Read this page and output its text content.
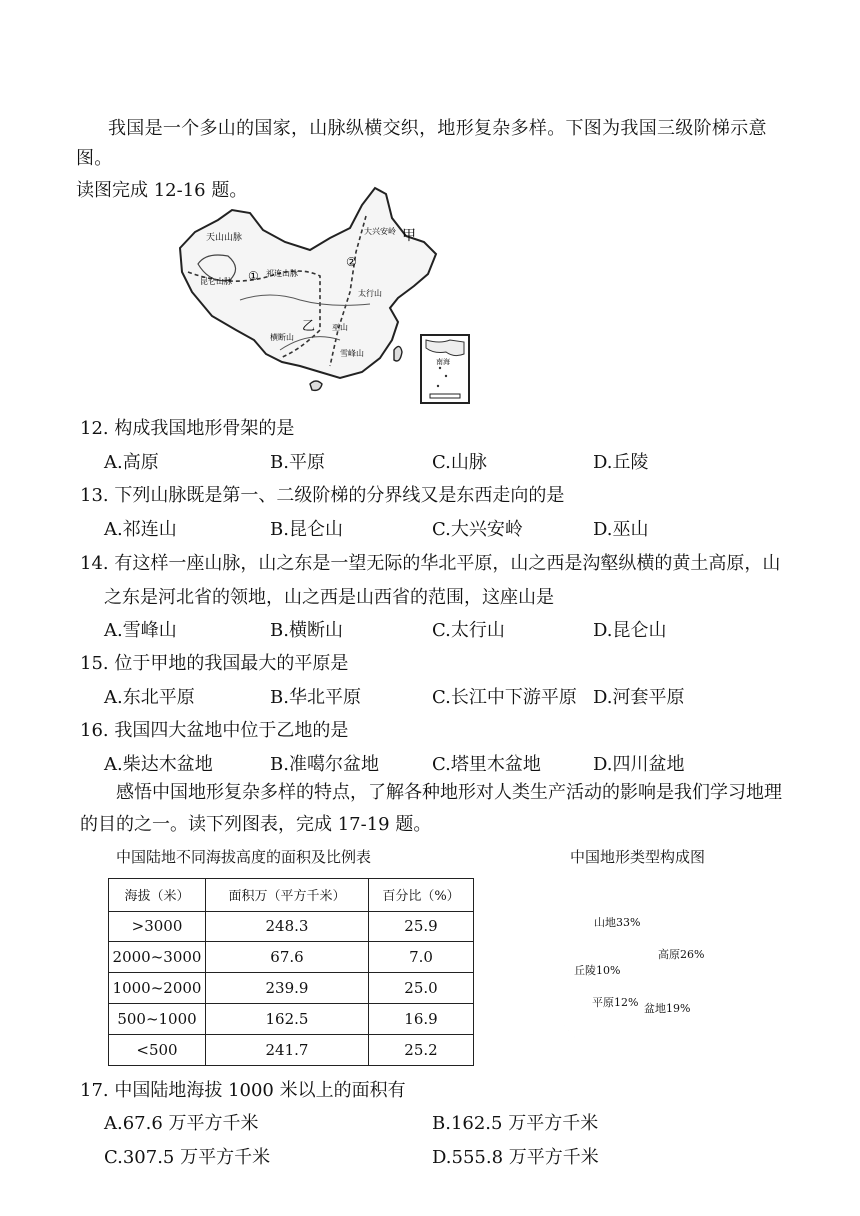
我国是一个多山的国家，山脉纵横交织，地形复杂多样。下图为我国三级阶梯示意图。
读图完成 12-16 题。
天山山脉
昆仑山脉
祁连山脉
大兴安岭
太行山
巫山
雪峰山
横断山
甲
乙
①
②
南海
12. 构成我国地形骨架的是
A.高原	B.平原	C.山脉	D.丘陵
13. 下列山脉既是第一、二级阶梯的分界线又是东西走向的是
A.祁连山	B.昆仑山	C.大兴安岭	D.巫山
14. 有这样一座山脉，山之东是一望无际的华北平原，山之西是沟壑纵横的黄土高原，山
之东是河北省的领地，山之西是山西省的范围，这座山是
A.雪峰山	B.横断山	C.太行山	D.昆仑山
15. 位于甲地的我国最大的平原是
A.东北平原	B.华北平原	C.长江中下游平原 D.河套平原
16. 我国四大盆地中位于乙地的是
A.柴达木盆地	B.准噶尔盆地	C.塔里木盆地	D.四川盆地
感悟中国地形复杂多样的特点，了解各种地形对人类生产活动的影响是我们学习地理
的目的之一。读下列图表，完成 17-19 题。
中国陆地不同海拔高度的面积及比例表
海拔（米）	面积万（平方千米）	百分比（%）
>3000	248.3	25.9
2000~3000	67.6	7.0
1000~2000	239.9	25.0
500~1000	162.5	16.9
<500	241.7	25.2
中国地形类型构成图
山地33%
高原26%
盆地19%
平原12%
丘陵10%
17. 中国陆地海拔 1000 米以上的面积有
A.67.6 万平方千米	B.162.5 万平方千米
C.307.5 万平方千米	D.555.8 万平方千米
